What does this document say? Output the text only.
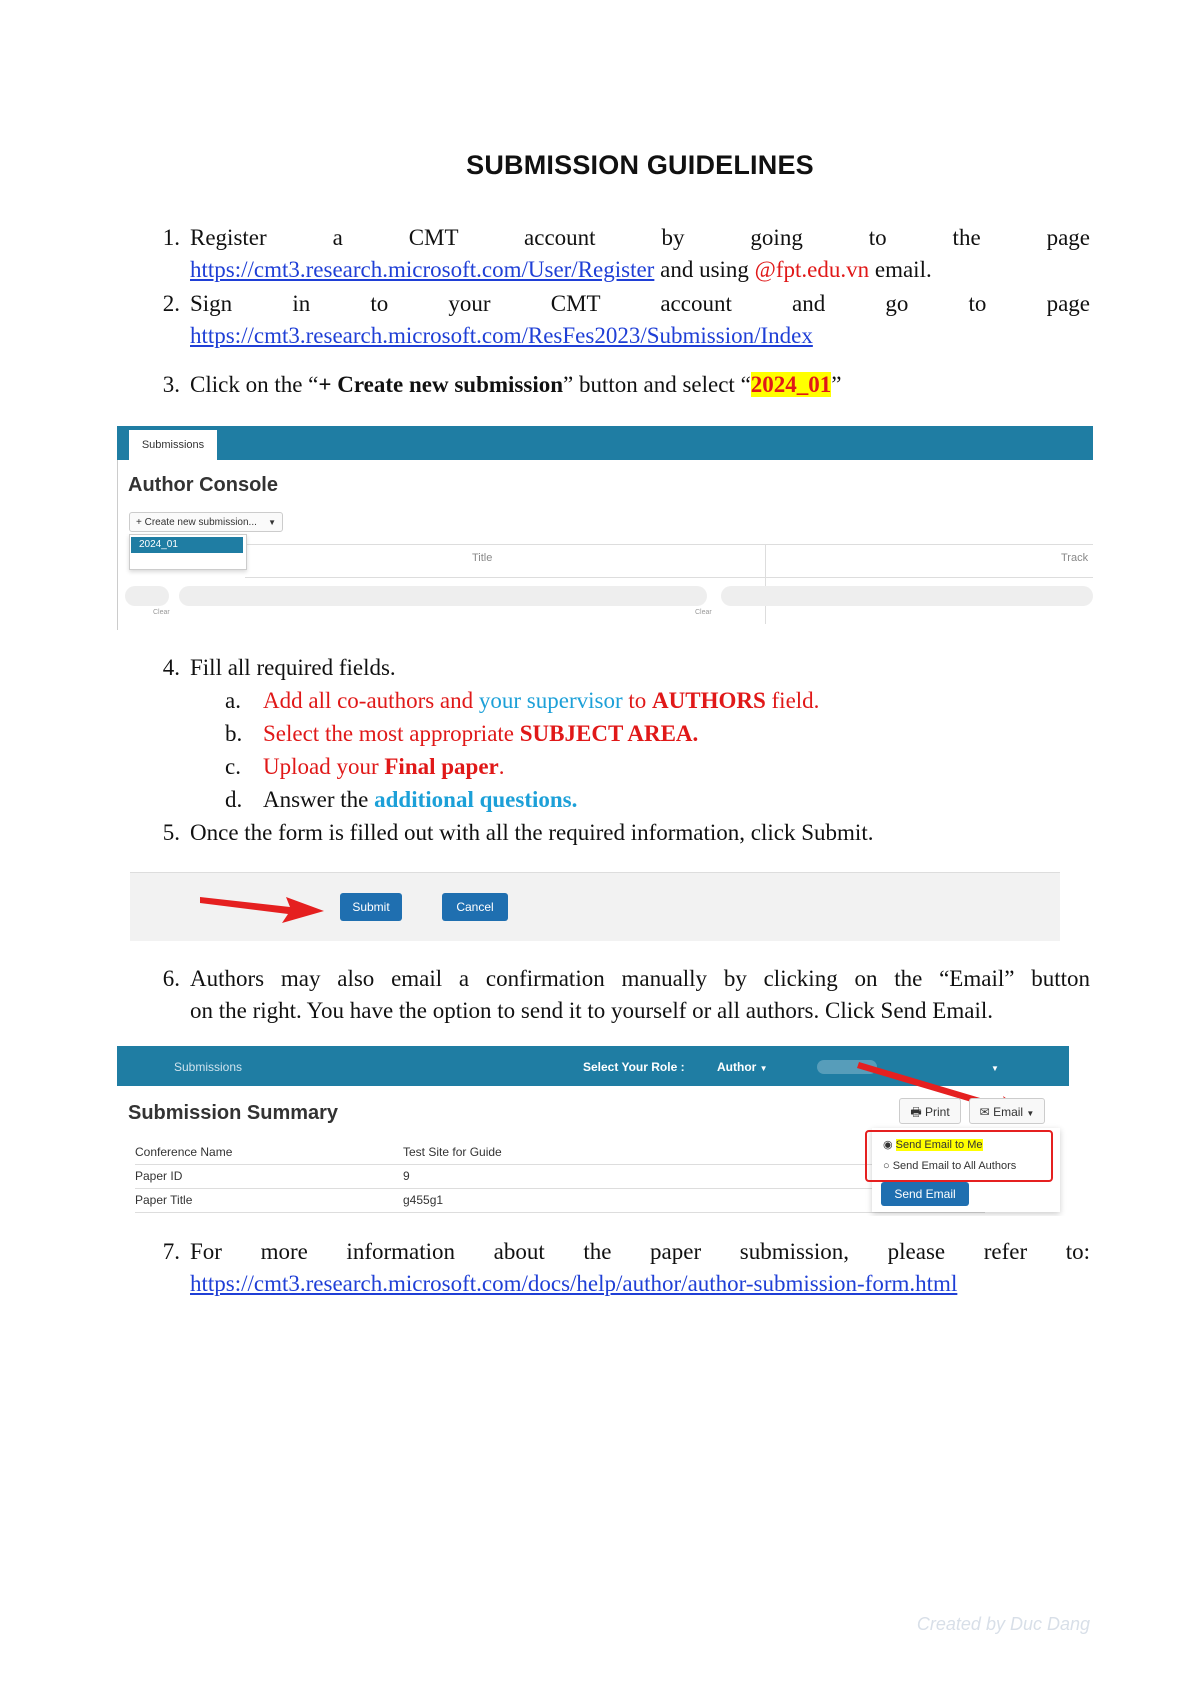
SUBMISSION GUIDELINES
1. Register a CMT account by going to the page
https://cmt3.research.microsoft.com/User/Register and using @fpt.edu.vn email.
2. Sign in to your CMT account and go to page
https://cmt3.research.microsoft.com/ResFes2023/Submission/Index
3. Click on the “+ Create new submission” button and select “2024_01”
Submissions
Author Console
+ Create new submission... ▼
Title	Track
Clear	Clear
2024_01
4. Fill all required fields.
a. Add all co-authors and your supervisor to AUTHORS field.
b. Select the most appropriate SUBJECT AREA.
c. Upload your Final paper.
d. Answer the additional questions.
5. Once the form is filled out with all the required information, click Submit.
Submit	Cancel
6. Authors may also email a confirmation manually by clicking on the “Email” button
on the right. You have the option to send it to yourself or all authors. Click Send Email.
Submissions	Select Your Role :	Author ▼	▼
Submission Summary	🖶 Print	✉ Email ▼
Conference Name	Test Site for Guide
Paper ID	9
Paper Title	g455g1
◉ Send Email to Me
○ Send Email to All Authors
Send Email
7. For more information about the paper submission, please refer to:
https://cmt3.research.microsoft.com/docs/help/author/author-submission-form.html
Created by Duc Dang
